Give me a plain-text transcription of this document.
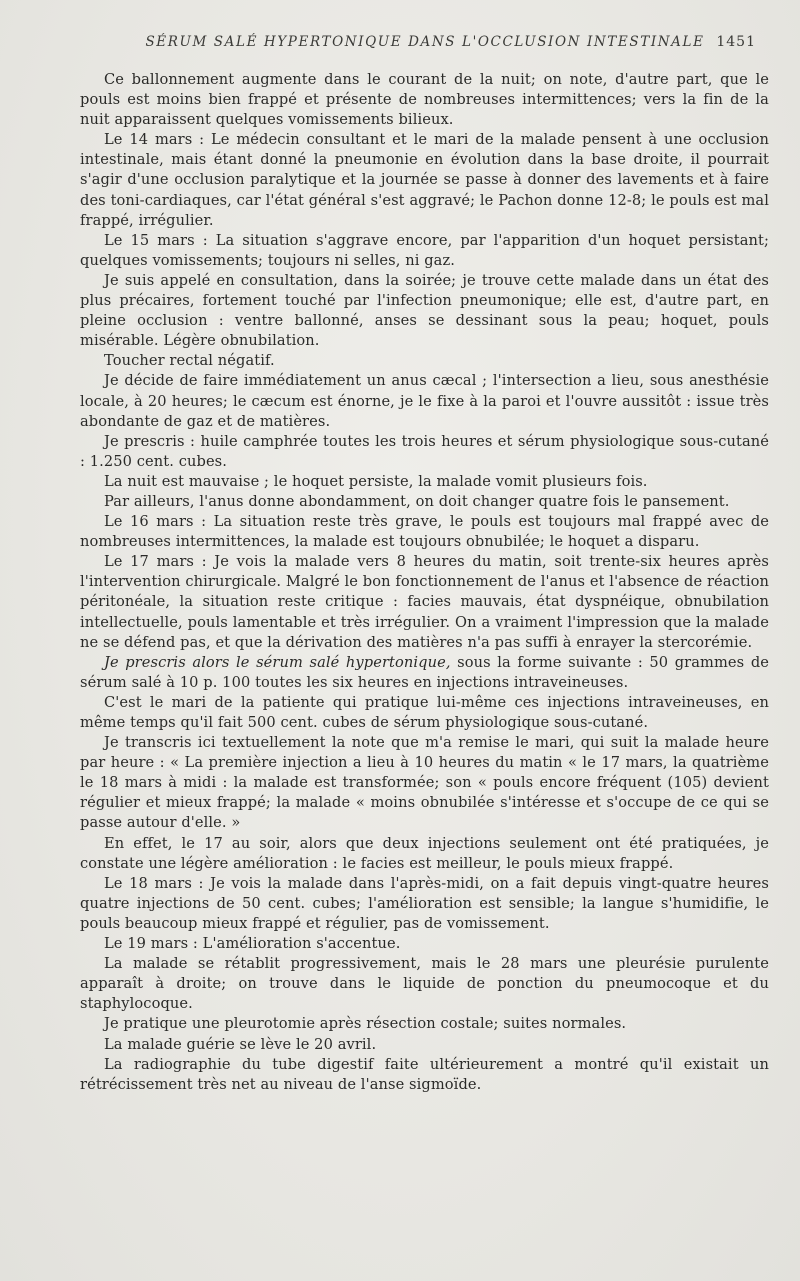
SÉRUM SALÉ HYPERTONIQUE DANS L'OCCLUSION INTESTINALE 1451

Ce ballonnement augmente dans le courant de la nuit; on note, d'autre part, que le pouls est moins bien frappé et présente de nombreuses intermittences; vers la fin de la nuit apparaissent quelques vomissements bilieux.

Le 14 mars : Le médecin consultant et le mari de la malade pensent à une occlusion intestinale, mais étant donné la pneumonie en évolution dans la base droite, il pourrait s'agir d'une occlusion paralytique et la journée se passe à donner des lavements et à faire des toni-cardiaques, car l'état général s'est aggravé; le Pachon donne 12-8; le pouls est mal frappé, irrégulier.

Le 15 mars : La situation s'aggrave encore, par l'apparition d'un hoquet persistant; quelques vomissements; toujours ni selles, ni gaz.

Je suis appelé en consultation, dans la soirée; je trouve cette malade dans un état des plus précaires, fortement touché par l'infection pneumonique; elle est, d'autre part, en pleine occlusion : ventre ballonné, anses se dessinant sous la peau; hoquet, pouls misérable. Légère obnubilation.

Toucher rectal négatif.

Je décide de faire immédiatement un anus cæcal ; l'intersection a lieu, sous anesthésie locale, à 20 heures; le cæcum est énorne, je le fixe à la paroi et l'ouvre aussitôt : issue très abondante de gaz et de matières.

Je prescris : huile camphrée toutes les trois heures et sérum physiologique sous-cutané : 1.250 cent. cubes.

La nuit est mauvaise ; le hoquet persiste, la malade vomit plusieurs fois.

Par ailleurs, l'anus donne abondamment, on doit changer quatre fois le pansement.

Le 16 mars : La situation reste très grave, le pouls est toujours mal frappé avec de nombreuses intermittences, la malade est toujours obnubilée; le hoquet a disparu.

Le 17 mars : Je vois la malade vers 8 heures du matin, soit trente-six heures après l'intervention chirurgicale. Malgré le bon fonctionnement de l'anus et l'absence de réaction péritonéale, la situation reste critique : facies mauvais, état dyspnéique, obnubilation intellectuelle, pouls lamentable et très irrégulier. On a vraiment l'impression que la malade ne se défend pas, et que la dérivation des matières n'a pas suffi à enrayer la stercorémie.

Je prescris alors le sérum salé hypertonique, sous la forme suivante : 50 grammes de sérum salé à 10 p. 100 toutes les six heures en injections intraveineuses.

C'est le mari de la patiente qui pratique lui-même ces injections intraveineuses, en même temps qu'il fait 500 cent. cubes de sérum physiologique sous-cutané.

Je transcris ici textuellement la note que m'a remise le mari, qui suit la malade heure par heure : « La première injection a lieu à 10 heures du matin « le 17 mars, la quatrième le 18 mars à midi : la malade est transformée; son « pouls encore fréquent (105) devient régulier et mieux frappé; la malade « moins obnubilée s'intéresse et s'occupe de ce qui se passe autour d'elle. »

En effet, le 17 au soir, alors que deux injections seulement ont été pratiquées, je constate une légère amélioration : le facies est meilleur, le pouls mieux frappé.

Le 18 mars : Je vois la malade dans l'après-midi, on a fait depuis vingt-quatre heures quatre injections de 50 cent. cubes; l'amélioration est sensible; la langue s'humidifie, le pouls beaucoup mieux frappé et régulier, pas de vomissement.

Le 19 mars : L'amélioration s'accentue.

La malade se rétablit progressivement, mais le 28 mars une pleurésie purulente apparaît à droite; on trouve dans le liquide de ponction du pneumocoque et du staphylocoque.

Je pratique une pleurotomie après résection costale; suites normales.

La malade guérie se lève le 20 avril.

La radiographie du tube digestif faite ultérieurement a montré qu'il existait un rétrécissement très net au niveau de l'anse sigmoïde.
